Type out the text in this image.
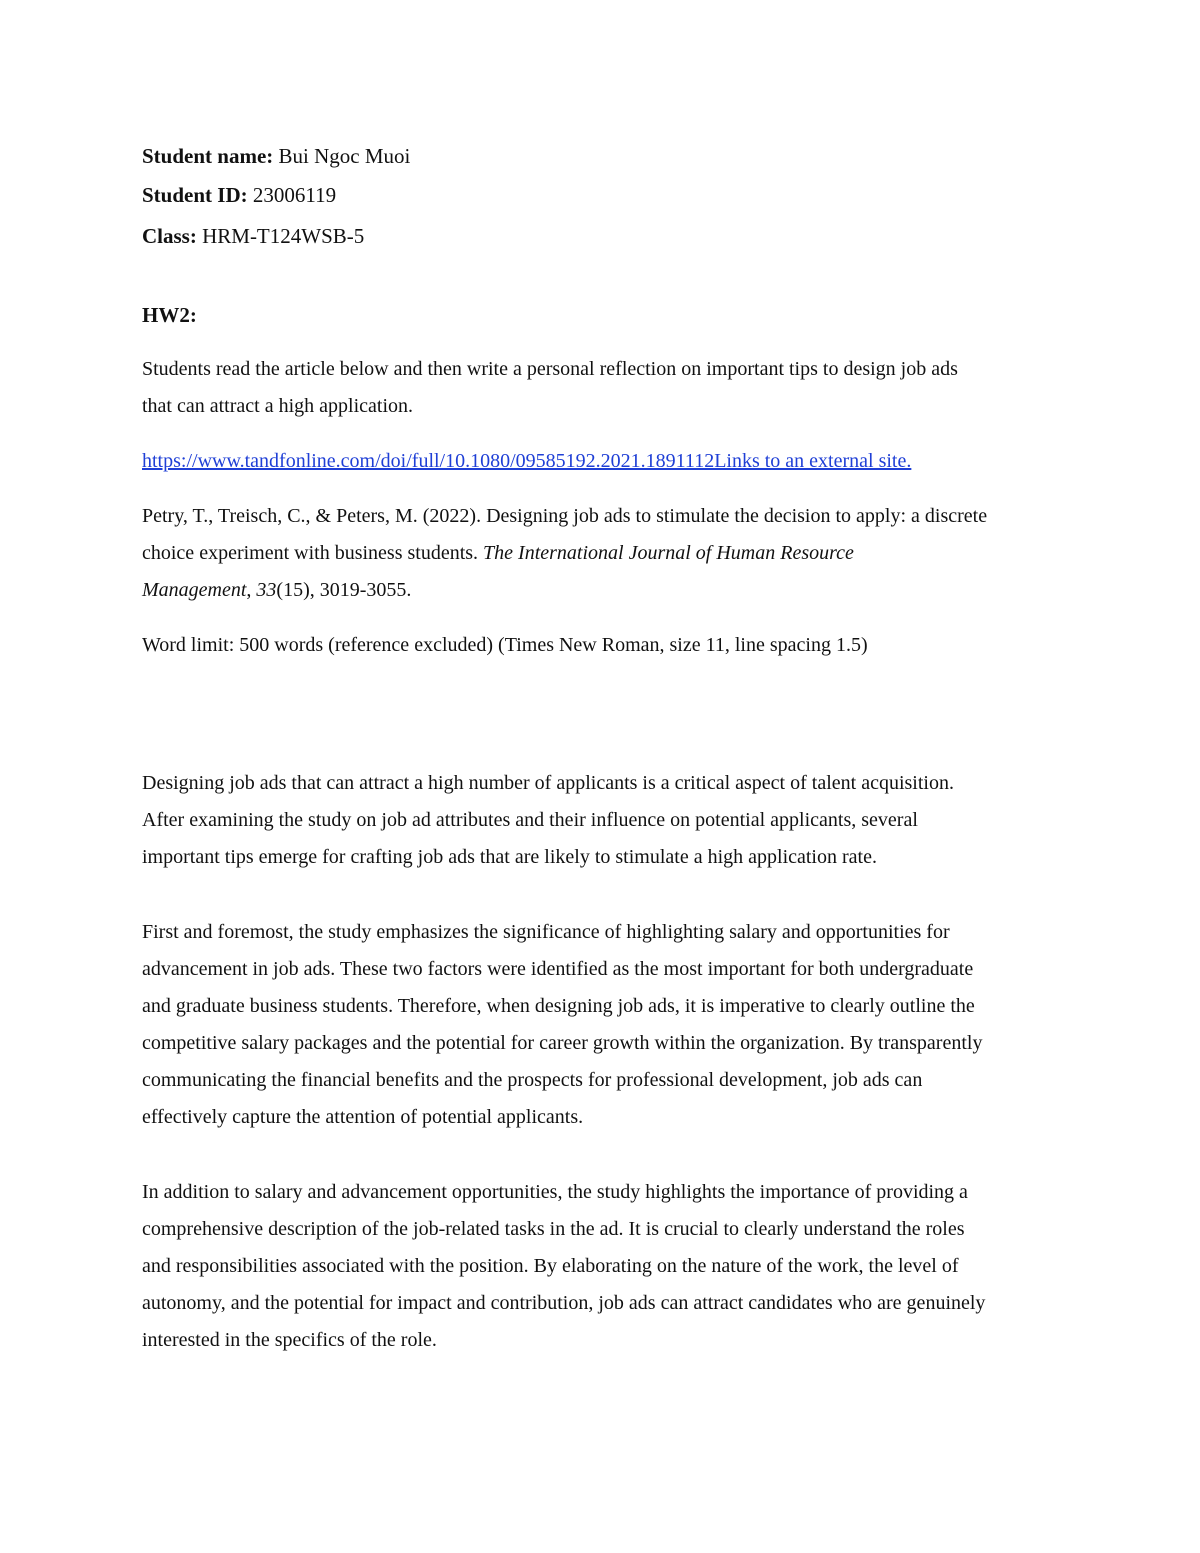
Student name: Bui Ngoc Muoi

Student ID: 23006119

Class: HRM-T124WSB-5

HW2:

Students read the article below and then write a personal reflection on important tips to design job ads

that can attract a high application.

https://www.tandfonline.com/doi/full/10.1080/09585192.2021.1891112Links to an external site.

Petry, T., Treisch, C., & Peters, M. (2022). Designing job ads to stimulate the decision to apply: a discrete

choice experiment with business students. The International Journal of Human Resource

Management, 33(15), 3019-3055.

Word limit: 500 words (reference excluded) (Times New Roman, size 11, line spacing 1.5)

Designing job ads that can attract a high number of applicants is a critical aspect of talent acquisition.

After examining the study on job ad attributes and their influence on potential applicants, several

important tips emerge for crafting job ads that are likely to stimulate a high application rate.

First and foremost, the study emphasizes the significance of highlighting salary and opportunities for

advancement in job ads. These two factors were identified as the most important for both undergraduate

and graduate business students. Therefore, when designing job ads, it is imperative to clearly outline the

competitive salary packages and the potential for career growth within the organization. By transparently

communicating the financial benefits and the prospects for professional development, job ads can

effectively capture the attention of potential applicants.

In addition to salary and advancement opportunities, the study highlights the importance of providing a

comprehensive description of the job-related tasks in the ad. It is crucial to clearly understand the roles

and responsibilities associated with the position. By elaborating on the nature of the work, the level of

autonomy, and the potential for impact and contribution, job ads can attract candidates who are genuinely

interested in the specifics of the role.
